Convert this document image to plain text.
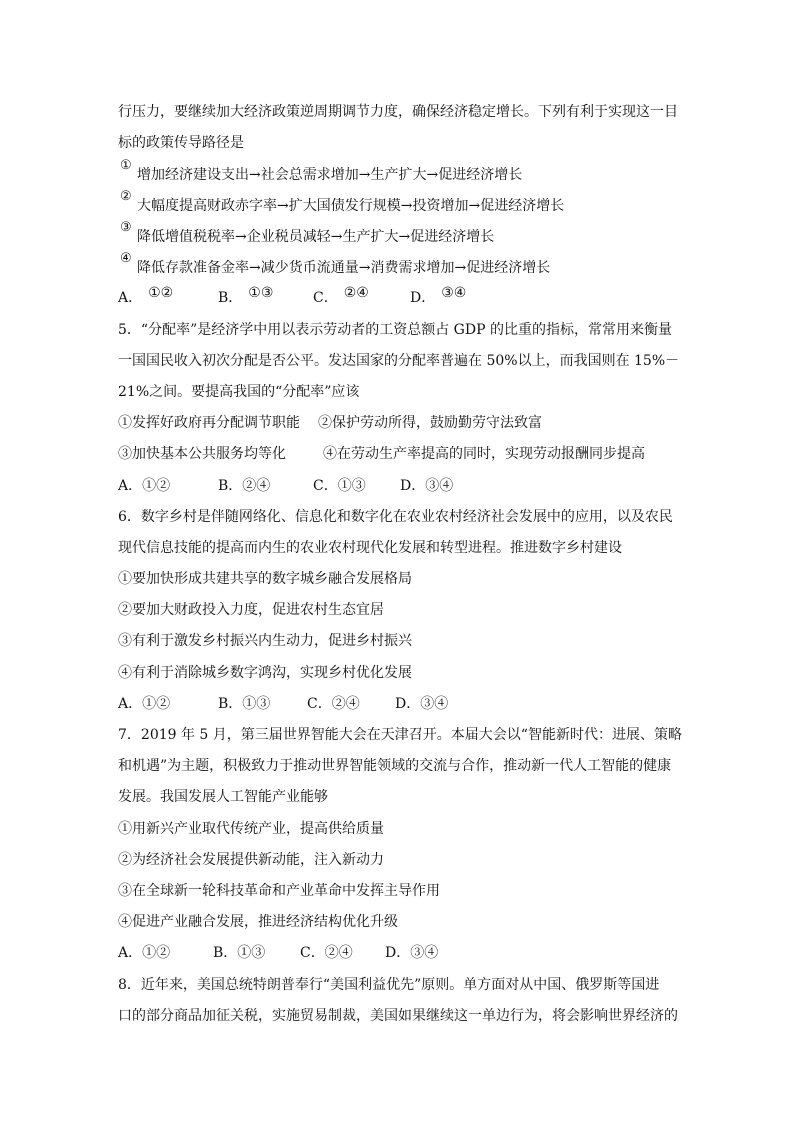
行压力，要继续加大经济政策逆周期调节力度，确保经济稳定增长。下列有利于实现这一目
标的政策传导路径是
①
增加经济建设支出→社会总需求增加→生产扩大→促进经济增长
②
大幅度提高财政赤字率→扩大国债发行规模→投资增加→促进经济增长
③
降低增值税税率→企业税员减轻→生产扩大→促进经济增长
④
降低存款准备金率→减少货币流通量→消费需求增加→促进经济增长
A． ①②	B． ①③	C． ②④	D． ③④
5．“分配率”是经济学中用以表示劳动者的工资总额占 GDP 的比重的指标，常常用来衡量
一国国民收入初次分配是否公平。发达国家的分配率普遍在 50%以上，而我国则在 15%－
21%之间。要提高我国的“分配率”应该
①发挥好政府再分配调节职能 ②保护劳动所得，鼓励勤劳守法致富
③加快基本公共服务均等化	④在劳动生产率提高的同时，实现劳动报酬同步提高
A．①②	B．②④	C．①③ D．③④
6．数字乡村是伴随网络化、信息化和数字化在农业农村经济社会发展中的应用，以及农民
现代信息技能的提高而内生的农业农村现代化发展和转型进程。推进数字乡村建设
①要加快形成共建共享的数字城乡融合发展格局
②要加大财政投入力度，促进农村生态宜居
③有利于激发乡村振兴内生动力，促进乡村振兴
④有利于消除城乡数字鸿沟，实现乡村优化发展
A．①②	B．①③	C．②④	D．③④
7．2019 年 5 月，第三届世界智能大会在天津召开。本届大会以“智能新时代：进展、策略
和机遇”为主题，积极致力于推动世界智能领域的交流与合作，推动新一代人工智能的健康
发展。我国发展人工智能产业能够
①用新兴产业取代传统产业，提高供给质量
②为经济社会发展提供新动能，注入新动力
③在全球新一轮科技革命和产业革命中发挥主导作用
④促进产业融合发展，推进经济结构优化升级
A．①②	B．①③ C．②④ D．③④
8．近年来，美国总统特朗普奉行“美国利益优先”原则。单方面对从中国、俄罗斯等国进
口的部分商品加征关税，实施贸易制裁，美国如果继续这一单边行为，将会影响世界经济的
